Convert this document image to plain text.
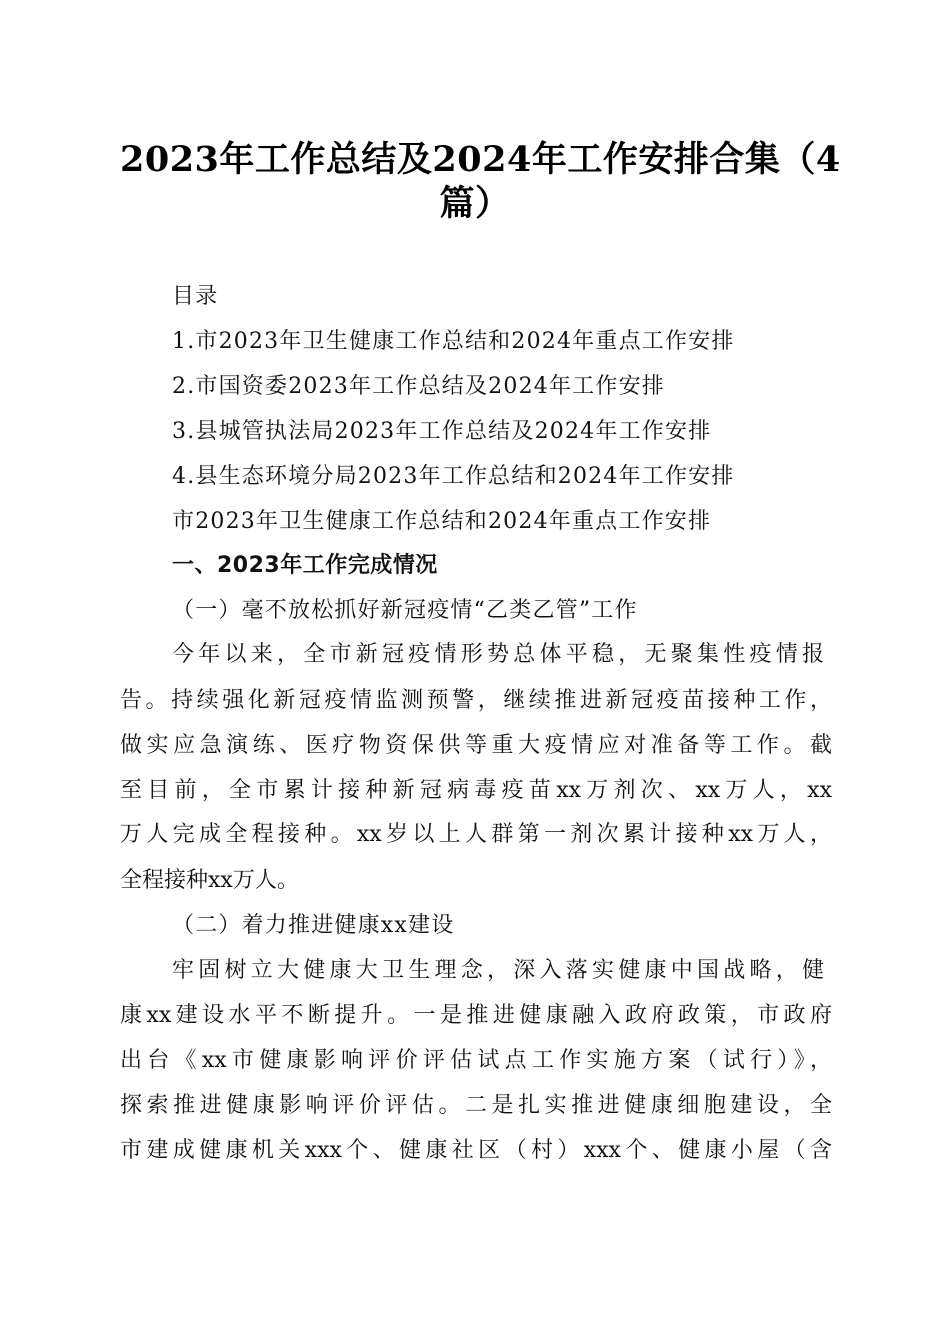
2023年工作总结及2024年工作安排合集（4
篇）
目录
1.市2023年卫生健康工作总结和2024年重点工作安排
2.市国资委2023年工作总结及2024年工作安排
3.县城管执法局2023年工作总结及2024年工作安排
4.县生态环境分局2023年工作总结和2024年工作安排
市2023年卫生健康工作总结和2024年重点工作安排
一、2023年工作完成情况
（一）毫不放松抓好新冠疫情“乙类乙管”工作
今年以来，全市新冠疫情形势总体平稳，无聚集性疫情报
告。持续强化新冠疫情监测预警，继续推进新冠疫苗接种工作，
做实应急演练、医疗物资保供等重大疫情应对准备等工作。截
至目前，全市累计接种新冠病毒疫苗xx万剂次、xx万人，xx
万人完成全程接种。xx岁以上人群第一剂次累计接种xx万人，
全程接种xx万人。
（二）着力推进健康xx建设
牢固树立大健康大卫生理念，深入落实健康中国战略，健
康xx建设水平不断提升。一是推进健康融入政府政策，市政府
出台《xx市健康影响评价评估试点工作实施方案（试行）》，
探索推进健康影响评价评估。二是扎实推进健康细胞建设，全
市建成健康机关xxx个、健康社区（村）xxx个、健康小屋（含
